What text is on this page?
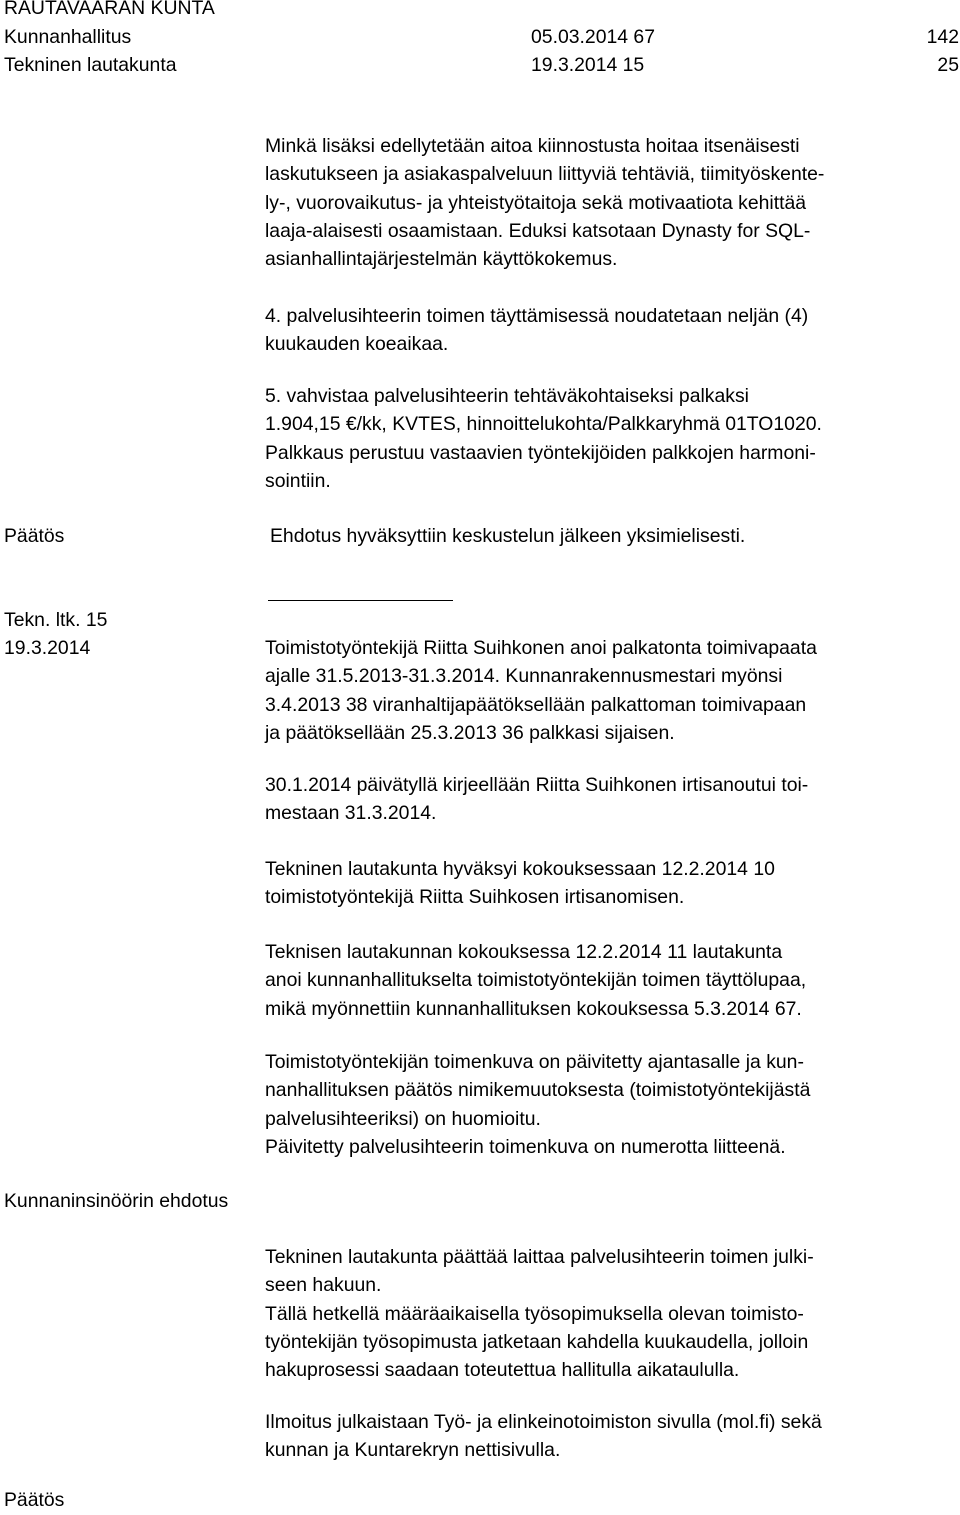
RAUTAVAARAN KUNTA
Kunnanhallitus	05.03.2014 67	142
Tekninen lautakunta	19.3.2014 15	25

Minkä lisäksi edellytetään aitoa kiinnostusta hoitaa itsenäisesti

laskutukseen ja asiakaspalveluun liittyviä tehtäviä, tiimityöskente-

ly-, vuorovaikutus- ja yhteistyötaitoja sekä motivaatiota kehittää

laaja-alaisesti osaamistaan. Eduksi katsotaan Dynasty for SQL-

asianhallintajärjestelmän käyttökokemus.

4. palvelusihteerin toimen täyttämisessä noudatetaan neljän (4)

kuukauden koeaikaa.

5. vahvistaa palvelusihteerin tehtäväkohtaiseksi palkaksi

1.904,15 €/kk, KVTES, hinnoittelukohta/Palkkaryhmä 01TO1020.

Palkkaus perustuu vastaavien työntekijöiden palkkojen harmoni-

sointiin.

Päätös	Ehdotus hyväksyttiin keskustelun jälkeen yksimielisesti.

Tekn. ltk. 15
19.3.2014	Toimistotyöntekijä Riitta Suihkonen anoi palkatonta toimivapaata

ajalle 31.5.2013-31.3.2014. Kunnanrakennusmestari myönsi

3.4.2013 38 viranhaltijapäätöksellään palkattoman toimivapaan

ja päätöksellään 25.3.2013 36 palkkasi sijaisen.

30.1.2014 päivätyllä kirjeellään Riitta Suihkonen irtisanoutui toi-

mestaan 31.3.2014.

Tekninen lautakunta hyväksyi kokouksessaan 12.2.2014 10

toimistotyöntekijä Riitta Suihkosen irtisanomisen.

Teknisen lautakunnan kokouksessa 12.2.2014 11 lautakunta

anoi kunnanhallitukselta toimistotyöntekijän toimen täyttölupaa,

mikä myönnettiin kunnanhallituksen kokouksessa 5.3.2014 67.

Toimistotyöntekijän toimenkuva on päivitetty ajantasalle ja kun-

nanhallituksen päätös nimikemuutoksesta (toimistotyöntekijästä

palvelusihteeriksi) on huomioitu.

Päivitetty palvelusihteerin toimenkuva on numerotta liitteenä.

Kunnaninsinöörin ehdotus

Tekninen lautakunta päättää laittaa palvelusihteerin toimen julki-

seen hakuun.

Tällä hetkellä määräaikaisella työsopimuksella olevan toimisto-

työntekijän työsopimusta jatketaan kahdella kuukaudella, jolloin

hakuprosessi saadaan toteutettua hallitulla aikataululla.

Ilmoitus julkaistaan Työ- ja elinkeinotoimiston sivulla (mol.fi) sekä

kunnan ja Kuntarekryn nettisivulla.

Päätös
